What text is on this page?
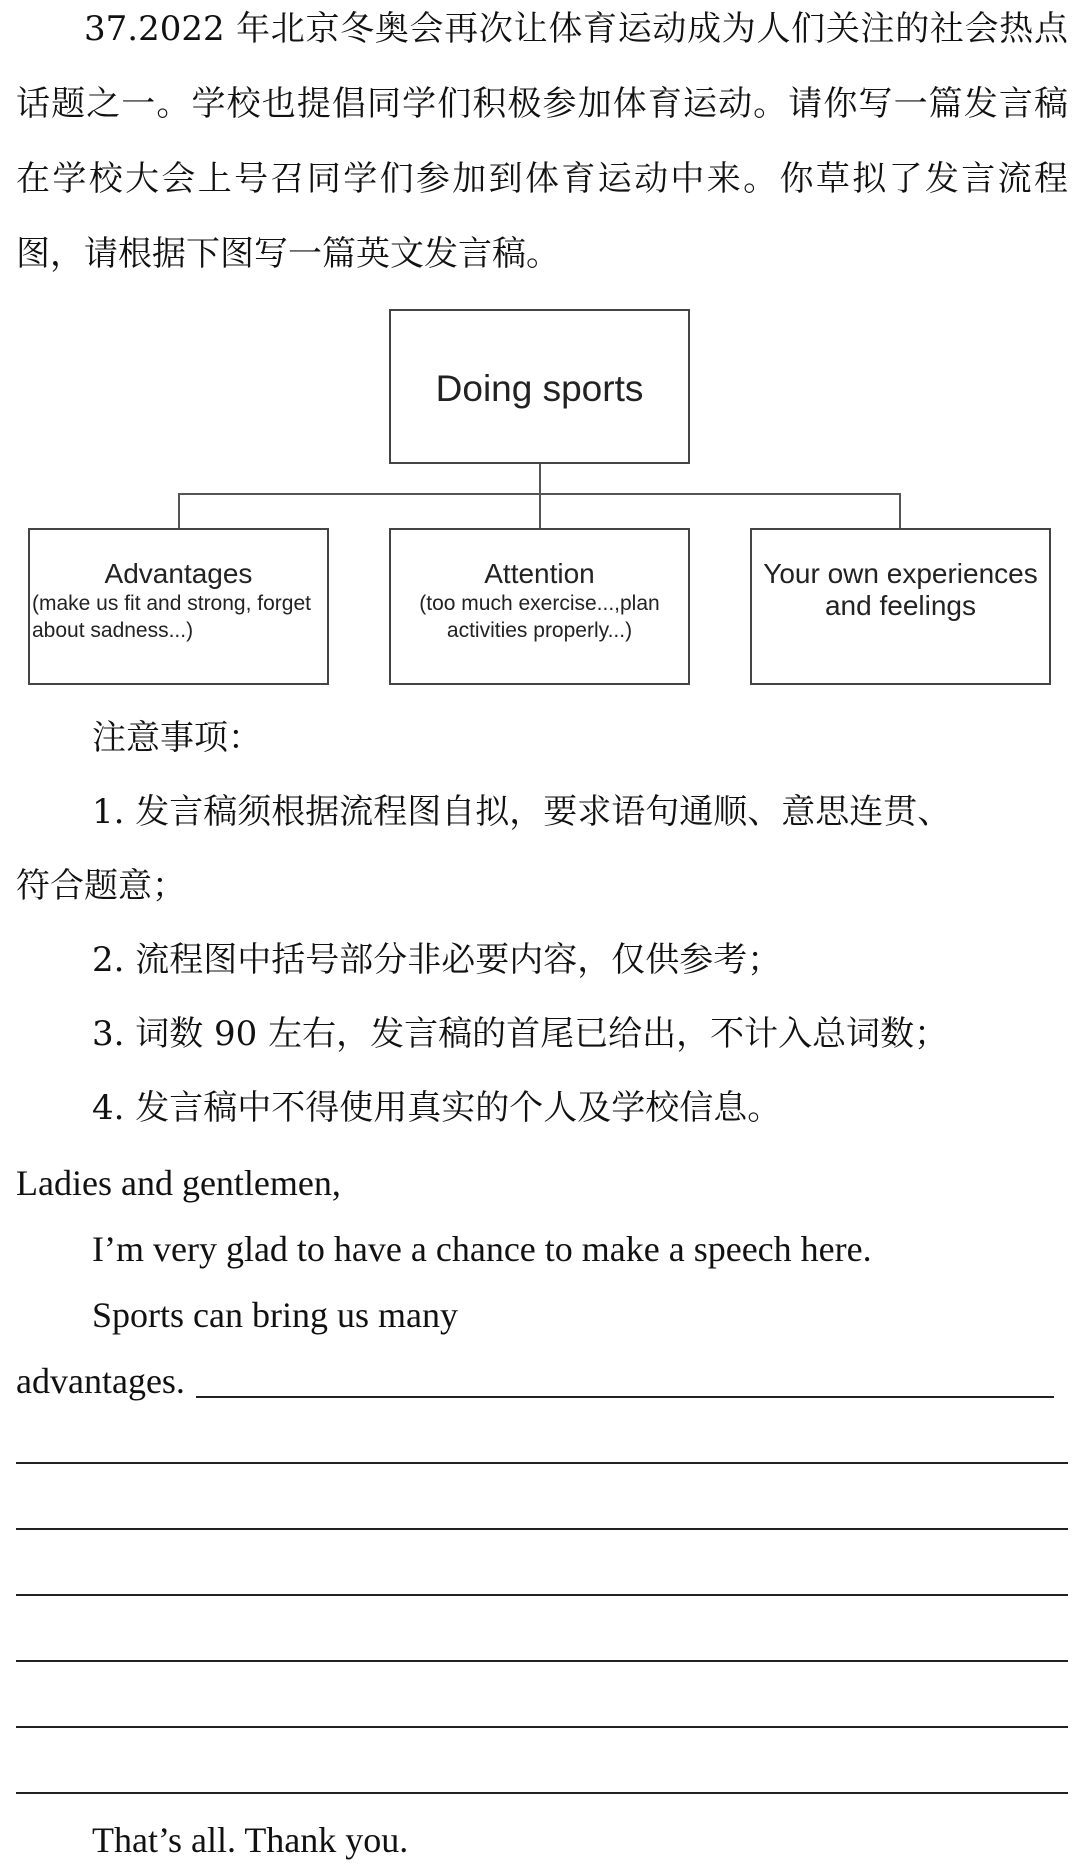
37.2022 年北京冬奥会再次让体育运动成为人们关注的社会热点话题之一。学校也提倡同学们积极参加体育运动。请你写一篇发言稿在学校大会上号召同学们参加到体育运动中来。你草拟了发言流程图，请根据下图写一篇英文发言稿。

Doing sports
Advantages
(make us fit and strong, forget
about sadness...)
Attention
(too much exercise...,plan
activities properly...)
Your own experiences
and feelings
注意事项：
1. 发言稿须根据流程图自拟，要求语句通顺、意思连贯、
符合题意；
2. 流程图中括号部分非必要内容，仅供参考；
3. 词数 90 左右，发言稿的首尾已给出，不计入总词数；
4. 发言稿中不得使用真实的个人及学校信息。
Ladies and gentlemen,
I’m very glad to have a chance to make a speech here.
Sports can bring us many
advantages.
That’s all. Thank you.
